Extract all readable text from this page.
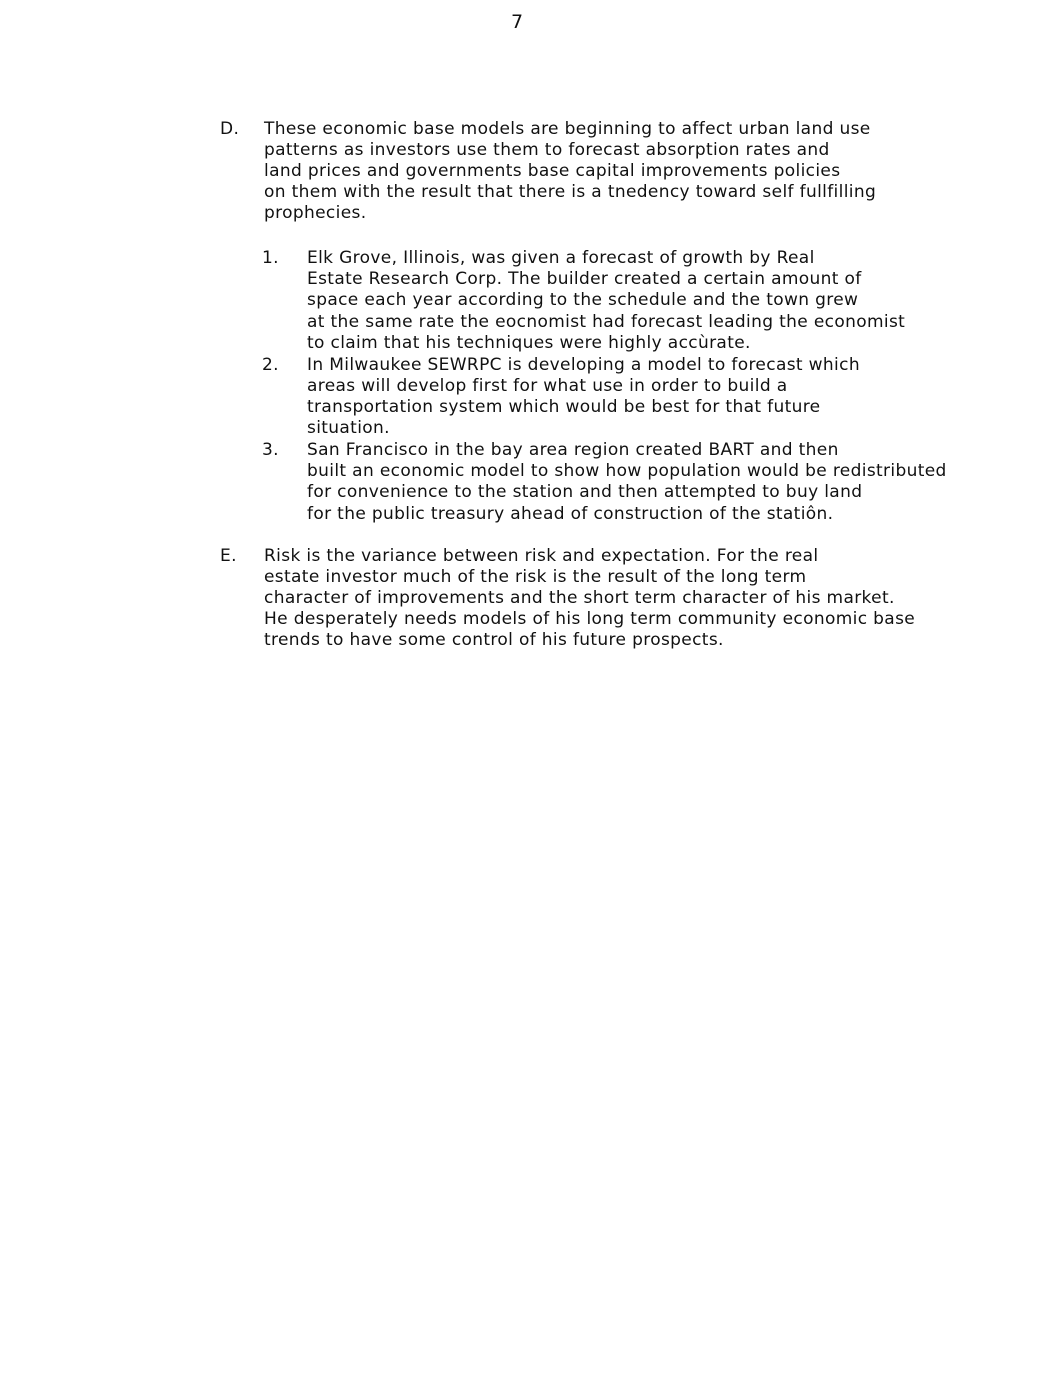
7
D. These economic base models are beginning to affect urban land use
patterns as investors use them to forecast absorption rates and
land prices and governments base capital improvements policies
on them with the result that there is a tnedency toward self fullfilling
prophecies.
1. Elk Grove, Illinois, was given a forecast of growth by Real
Estate Research Corp. The builder created a certain amount of
space each year according to the schedule and the town grew
at the same rate the eocnomist had forecast leading the economist
to claim that his techniques were highly accùrate.
2. In Milwaukee SEWRPC is developing a model to forecast which
areas will develop first for what use in order to build a
transportation system which would be best for that future
situation.
3. San Francisco in the bay area region created BART and then
built an economic model to show how population would be redistributed
for convenience to the station and then attempted to buy land
for the public treasury ahead of construction of the statiôn.
E. Risk is the variance between risk and expectation. For the real
estate investor much of the risk is the result of the long term
character of improvements and the short term character of his market.
He desperately needs models of his long term community economic base
trends to have some control of his future prospects.
